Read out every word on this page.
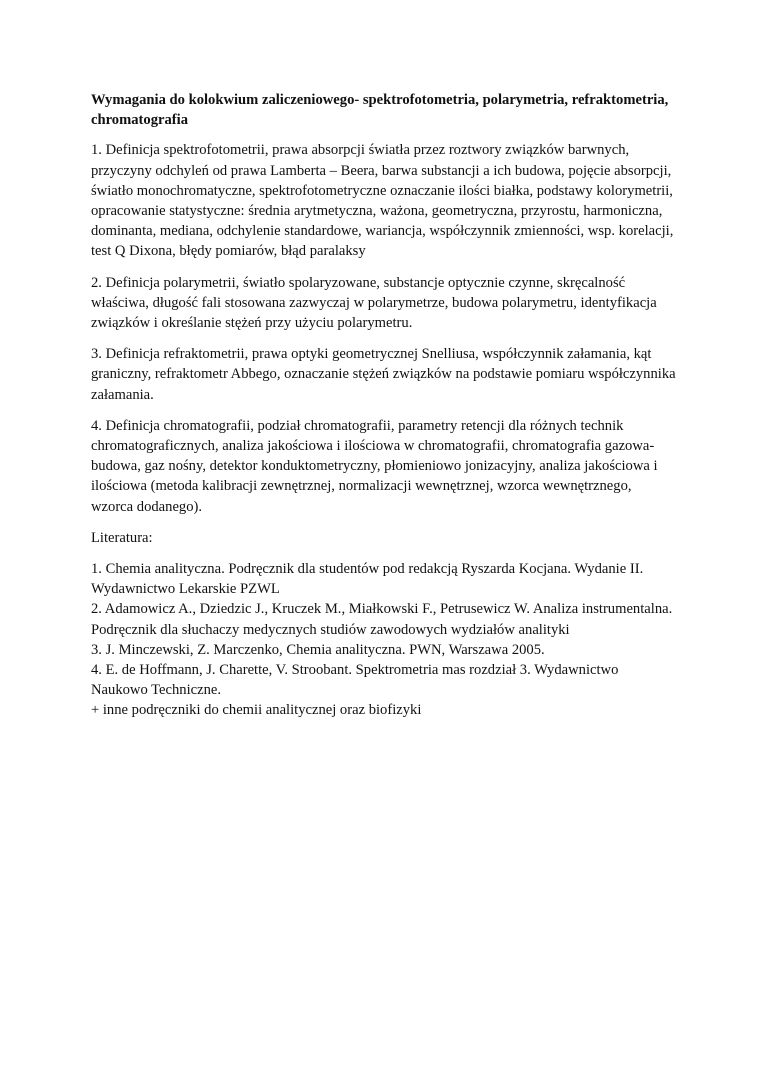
Wymagania do kolokwium zaliczeniowego- spektrofotometria, polarymetria, refraktometria, chromatografia
1. Definicja spektrofotometrii, prawa absorpcji światła przez roztwory związków barwnych, przyczyny odchyleń od prawa Lamberta – Beera, barwa substancji a ich budowa, pojęcie absorpcji, światło monochromatyczne, spektrofotometryczne oznaczanie ilości białka, podstawy kolorymetrii, opracowanie statystyczne: średnia arytmetyczna, ważona, geometryczna, przyrostu, harmoniczna, dominanta, mediana, odchylenie standardowe, wariancja, współczynnik zmienności, wsp. korelacji, test Q Dixona, błędy pomiarów, błąd paralaksy
2. Definicja polarymetrii, światło spolaryzowane, substancje optycznie czynne, skręcalność właściwa, długość fali stosowana zazwyczaj w polarymetrze, budowa polarymetru, identyfikacja związków i określanie stężeń przy użyciu polarymetru.
3. Definicja refraktometrii, prawa optyki geometrycznej Snelliusa, współczynnik załamania, kąt graniczny, refraktometr Abbego, oznaczanie stężeń związków na podstawie pomiaru współczynnika załamania.
4. Definicja chromatografii, podział chromatografii, parametry retencji dla różnych technik chromatograficznych, analiza jakościowa i ilościowa w chromatografii, chromatografia gazowa- budowa, gaz nośny, detektor konduktometryczny, płomieniowo jonizacyjny, analiza jakościowa i ilościowa (metoda kalibracji zewnętrznej, normalizacji wewnętrznej, wzorca wewnętrznego, wzorca dodanego).
Literatura:
1. Chemia analityczna. Podręcznik dla studentów pod redakcją Ryszarda Kocjana. Wydanie II. Wydawnictwo Lekarskie PZWL
2. Adamowicz A., Dziedzic J., Kruczek M., Miałkowski F., Petrusewicz W. Analiza instrumentalna. Podręcznik dla słuchaczy medycznych studiów zawodowych wydziałów analityki
3. J. Minczewski, Z. Marczenko, Chemia analityczna. PWN, Warszawa 2005.
4. E. de Hoffmann, J. Charette, V. Stroobant. Spektrometria mas rozdział 3. Wydawnictwo Naukowo Techniczne.
+ inne podręczniki do chemii analitycznej oraz biofizyki
